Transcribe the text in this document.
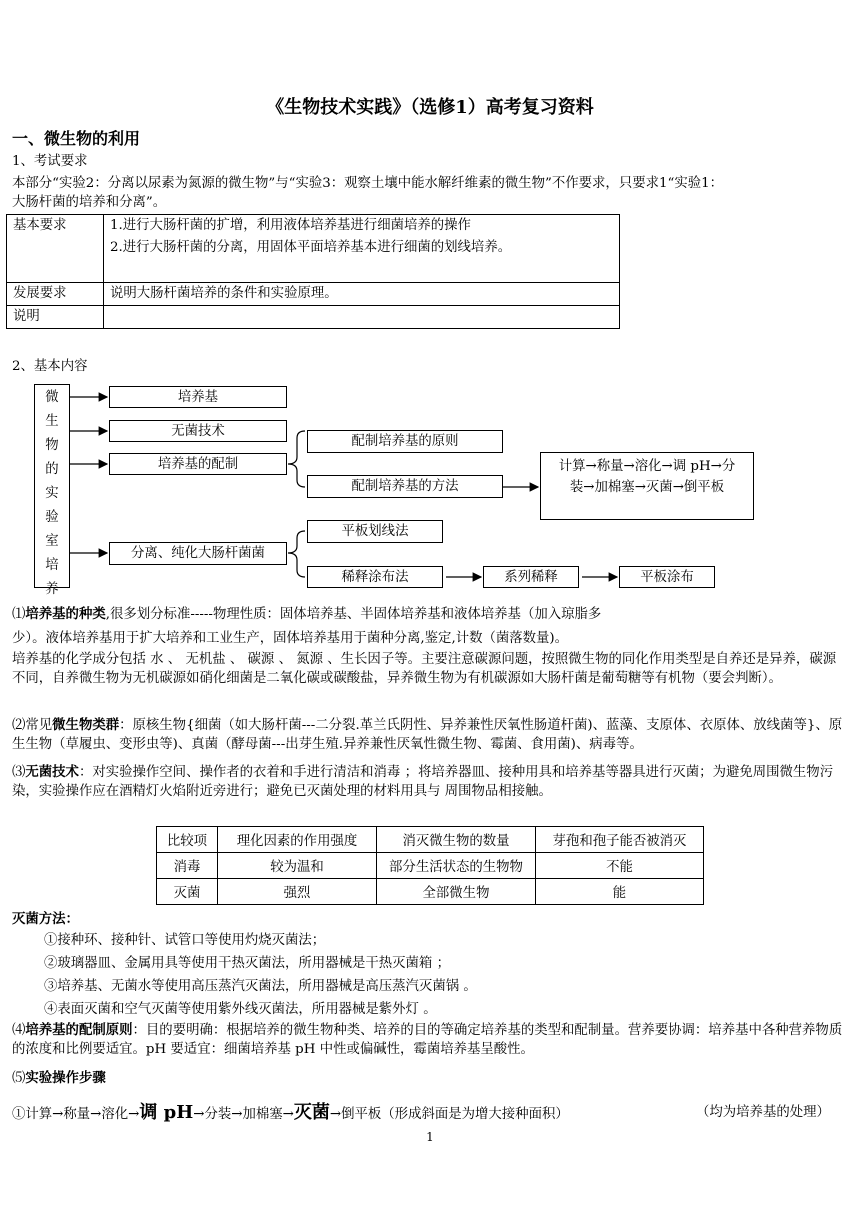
《生物技术实践》（选修1）高考复习资料
一、微生物的利用
1、考试要求
本部分“实验2：分离以尿素为氮源的微生物”与“实验3：观察土壤中能水解纤维素的微生物”不作要求，只要求1“实验1：
大肠杆菌的培养和分离”。
基本要求	1.进行大肠杆菌的扩增，利用液体培养基进行细菌培养的操作
2.进行大肠杆菌的分离，用固体平面培养基本进行细菌的划线培养。

发展要求	说明大肠杆菌培养的条件和实验原理。
说明	
2、基本内容
微
生
物
的
实
验
室
培
养
培养基
无菌技术
培养基的配制
配制培养基的原则
配制培养基的方法
计算→称量→溶化→调 pH→分
装→加棉塞→灭菌→倒平板
分离、纯化大肠杆菌菌
平板划线法
稀释涂布法	系列稀释	平板涂布
⑴培养基的种类,很多划分标准-----物理性质：固体培养基、半固体培养基和液体培养基（加入琼脂多
少）。液体培养基用于扩大培养和工业生产，固体培养基用于菌种分离,鉴定,计数（菌落数量)。
培养基的化学成分包括 水 、 无机盐 、 碳源 、 氮源 、生长因子等。主要注意碳源问题，按照微生物的同化作用类型是自养还是异养，碳源不同，自养微生物为无机碳源如硝化细菌是二氧化碳或碳酸盐，异养微生物为有机碳源如大肠杆菌是葡萄糖等有机物（要会判断）。
⑵常见微生物类群：原核生物{细菌（如大肠杆菌---二分裂.革兰氏阴性、异养兼性厌氧性肠道杆菌)、蓝藻、支原体、衣原体、放线菌等}、原生生物（草履虫、变形虫等)、真菌（酵母菌---出芽生殖.异养兼性厌氧性微生物、霉菌、食用菌)、病毒等。
⑶无菌技术：对实验操作空间、操作者的衣着和手进行清洁和消毒 ；将培养器皿、接种用具和培养基等器具进行灭菌；为避免周围微生物污染，实验操作应在酒精灯火焰附近旁进行；避免已灭菌处理的材料用具与 周围物品相接触。
比较项	理化因素的作用强度	消灭微生物的数量	芽孢和孢子能否被消灭
消毒	较为温和	部分生活状态的生物物	不能
灭菌	强烈	全部微生物	能
灭菌方法：
①接种环、接种针、试管口等使用灼烧灭菌法；
②玻璃器皿、金属用具等使用干热灭菌法，所用器械是干热灭菌箱 ；
③培养基、无菌水等使用高压蒸汽灭菌法，所用器械是高压蒸汽灭菌锅 。
④表面灭菌和空气灭菌等使用紫外线灭菌法，所用器械是紫外灯 。
⑷培养基的配制原则：目的要明确：根据培养的微生物种类、培养的目的等确定培养基的类型和配制量。营养要协调：培养基中各种营养物质的浓度和比例要适宜。pH 要适宜：细菌培养基 pH 中性或偏碱性，霉菌培养基呈酸性。
⑸实验操作步骤
①计算→称量→溶化→调 pH→分装→加棉塞→灭菌→倒平板（形成斜面是为增大接种面积）	（均为培养基的处理）
1
